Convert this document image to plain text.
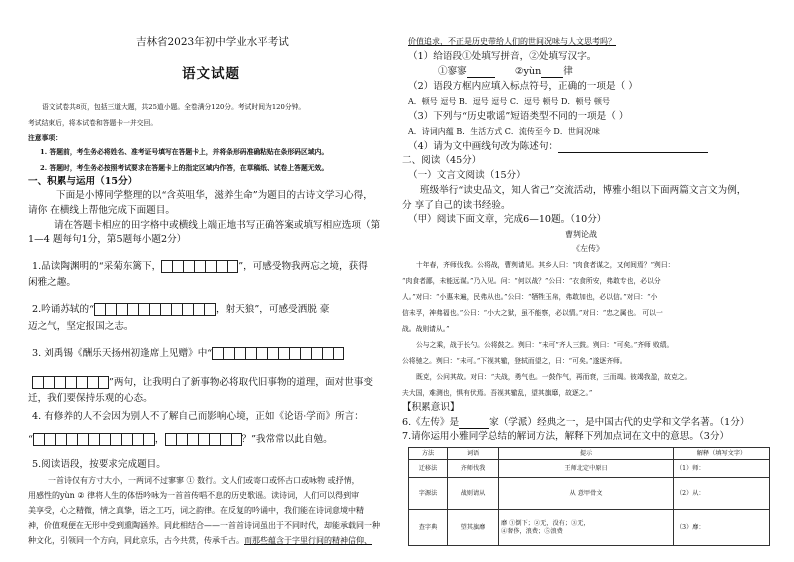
吉林省2023年初中学业水平考试
语文试题
语文试卷共8页，包括三道大题，共25道小题。全卷满分120分。考试时间为120分钟。
考试结束后，将本试卷和答题卡一并交回。
注意事项：
1. 答题前，考生务必将姓名、准考证号填写在答题卡上，并将条形码准确粘贴在条形码区域内。
2. 答题时，考生务必按照考试要求在答题卡上的指定区域内作答，在草稿纸、试卷上答题无效。
一、积累与运用（15分）
下面是小博同学整理的以“含英咀华，滋养生命”为题目的古诗文学习心得，
请你 在横线上帮他完成下面题目。
请在答题卡相应的田字格中或横线上端正地书写正确答案或填写相应选项（第
1—4 题每句1分，第5题每小题2分）
1.品读陶渊明的“采菊东篱下，	”，可感受物我两忘之境，获得
闲雅之趣。
2.吟诵苏轼的“	，射天狼”，可感受洒脱 豪
迈之气，坚定报国之志。
3. 刘禹锡《酬乐天扬州初逢席上见赠》中“
”两句，让我明白了新事物必将取代旧事物的道理，面对世事变
迁，我们要保持乐观的心态。
4. 有修养的人不会因为别人不了解自己而影响心境，正如《论语·学而》所言：
“	，	？”我常常以此自勉。
5.阅读语段，按要求完成题目。
一首诗仅有方寸大小，一两词不过寥寥 ① 数行。文人们或寄口或怀古口或咏物 或抒情，
用感性的yùn ② 律将人生的体悟吟咏为一首首传唱不息的历史歌谣。读诗词，人们可以得到审
美享受，心之精微，情之真挚，语之工巧，词之韵律。在反复的吟诵中，我们能在诗词意境中精
神，价值观便在无形中受到熏陶涵养。同此相结合——一首首诗词虽出于不同时代，却能承载同一种
种文化，引领同一个方向，同此京乐，古今共赏，传承千古。而那些蕴含于字里行间的精神信仰、
价值追求，不正是历史带给人们的世间况味与人文思考吗？
（1）给语段①处填写拼音，②处填写汉字。
①寥寥	②yùn 律
（2）语段方框内应填入标点符号，正确的一项是（ ）
A．顿号 逗号 B．逗号 逗号 C．逗号 顿号 D．顿号 顿号
（3）下列与“历史歌谣”短语类型不同的一项是（ ）
A．诗词内蕴 B．生活方式 C．流传至今 D．世间况味
（4）请为文中画线句改为陈述句：
二、阅读（45分）
（一）文言文阅读（15分）
班级举行“读史品文，知人省己”交流活动，博雅小组以下面两篇文言文为例，
分 享了自己的读书经验。
（甲）阅读下面文章，完成6—10题。（10分）
曹刿论战
《左传》
十年春，齐师伐我。公将战，曹刿请见。其乡人曰：“肉食者谋之，又何间焉？”刿曰：
“肉食者鄙，未能远谋。”乃入见。问：“何以战？”公曰：“衣食所安，弗敢专也，必以分
人。”对曰：“小惠未遍，民弗从也。”公曰：“牺牲玉帛，弗敢加也，必以信。”对曰：“小
信未孚，神弗福也。”公曰：“小大之狱，虽不能察，必以情。”对曰：“忠之属也。 可以一
战。战则请从。”
公与之乘，战于长勺。公将鼓之。刿曰：“未可”齐人三鼓。刿曰：“可矣。”齐师 败绩。
公将驰之。刿曰：“未可。”下视其辙，登轼而望之，曰：“可矣。”遂逐齐师。
既克，公问其故。对曰：“夫战，勇气也。一鼓作气，再而衰，三而竭。彼竭我盈，故克之。
夫大国，难测也，惧有伏焉。吾视其辙乱，望其旗靡，故逐之。”
【积累意识】
6.《左传》是	家（学派）经典之一，是中国古代的史学和文学名著。（1分）
7.请你运用小雅同学总结的解词方法，解释下列加点词在文中的意思。（3分）
方法	词语	提示	解释（填写文字）
迁移法	齐师伐我	王师北定中原日	（1）师：
字源法	战则请从	从 意甲骨文	（2）从：
查字典	望其旗靡	靡 ①倒下；②无，没有；③无，
④奢侈，浪费；⑤浪费	（3）靡：
